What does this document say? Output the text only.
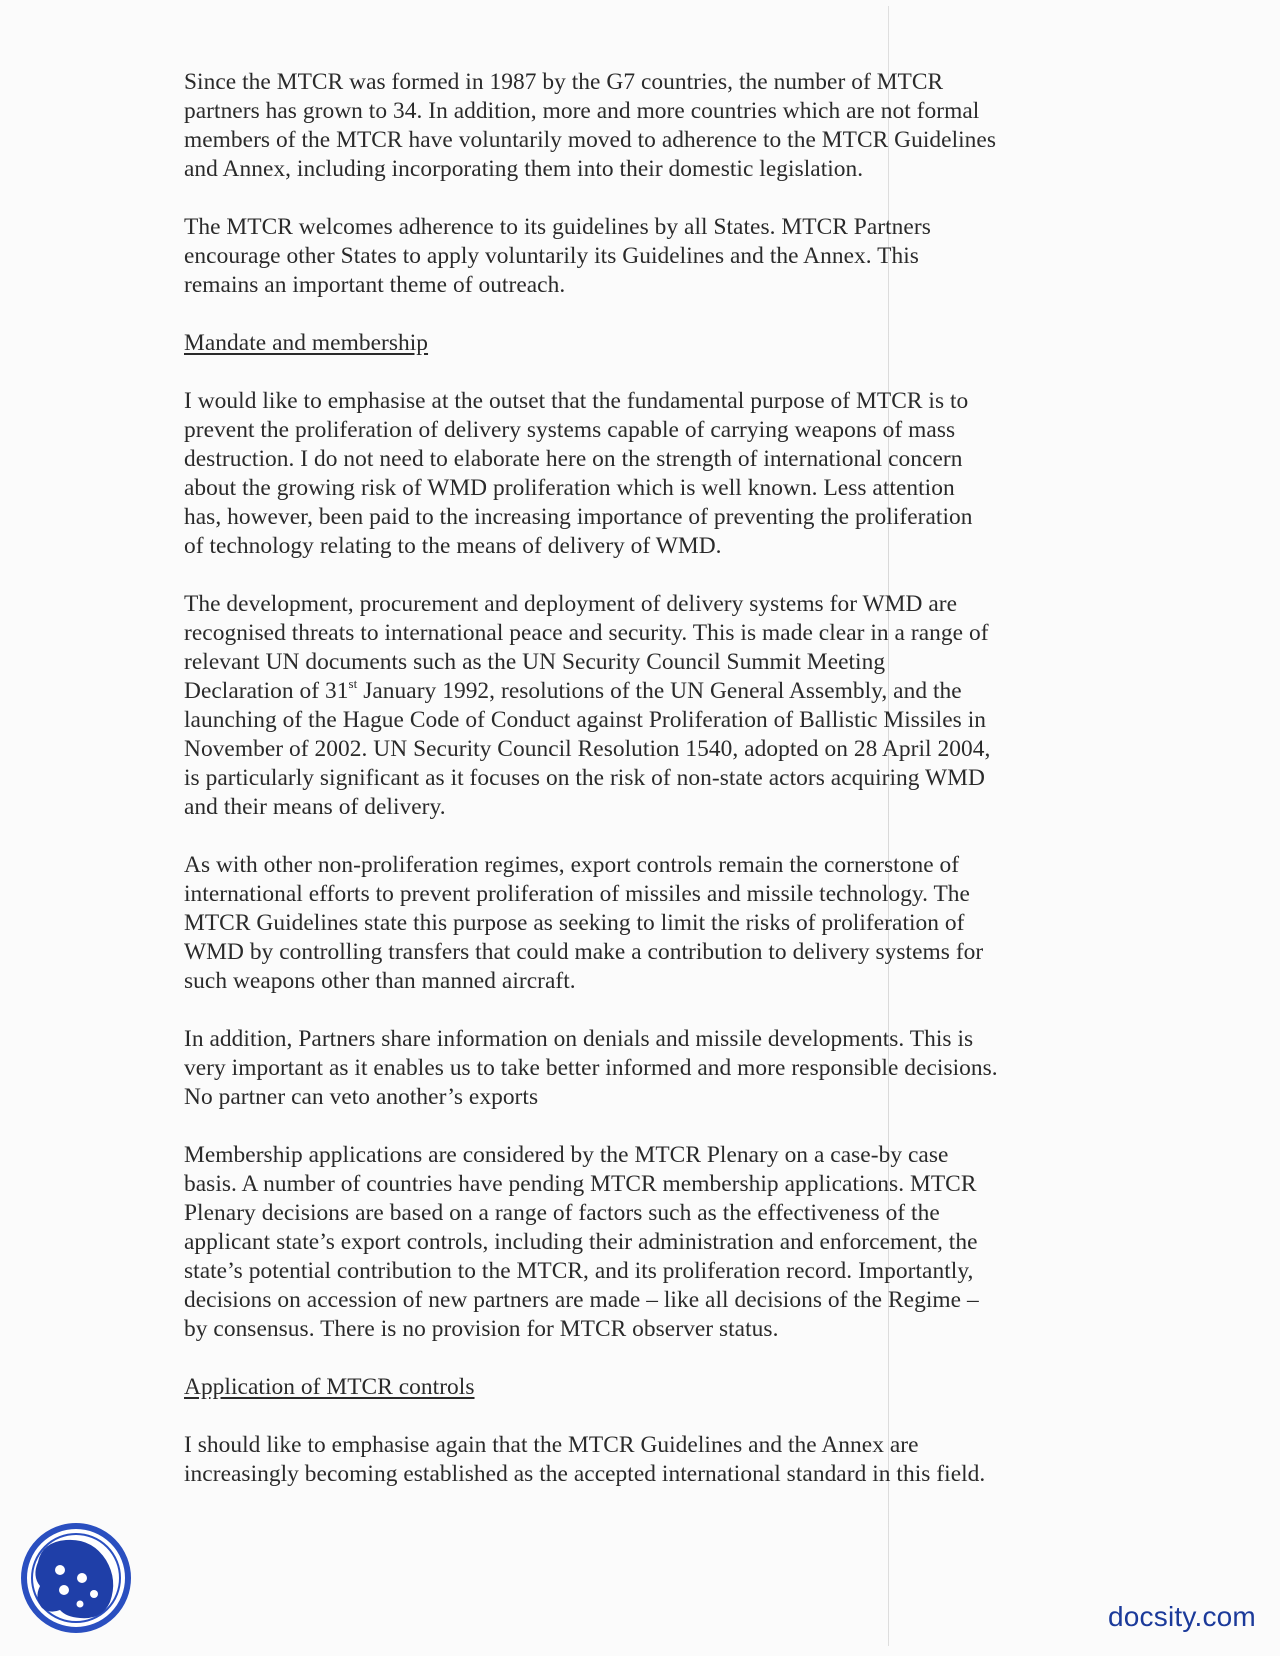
Since the MTCR was formed in 1987 by the G7 countries, the number of MTCR
partners has grown to 34. In addition, more and more countries which are not formal
members of the MTCR have voluntarily moved to adherence to the MTCR Guidelines
and Annex, including incorporating them into their domestic legislation.

The MTCR welcomes adherence to its guidelines by all States. MTCR Partners
encourage other States to apply voluntarily its Guidelines and the Annex. This
remains an important theme of outreach.

Mandate and membership

I would like to emphasise at the outset that the fundamental purpose of MTCR is to
prevent the proliferation of delivery systems capable of carrying weapons of mass
destruction. I do not need to elaborate here on the strength of international concern
about the growing risk of WMD proliferation which is well known. Less attention
has, however, been paid to the increasing importance of preventing the proliferation
of technology relating to the means of delivery of WMD.

The development, procurement and deployment of delivery systems for WMD are
recognised threats to international peace and security. This is made clear in a range of
relevant UN documents such as the UN Security Council Summit Meeting
Declaration of 31st January 1992, resolutions of the UN General Assembly, and the
launching of the Hague Code of Conduct against Proliferation of Ballistic Missiles in
November of 2002. UN Security Council Resolution 1540, adopted on 28 April 2004,
is particularly significant as it focuses on the risk of non-state actors acquiring WMD
and their means of delivery.

As with other non-proliferation regimes, export controls remain the cornerstone of
international efforts to prevent proliferation of missiles and missile technology. The
MTCR Guidelines state this purpose as seeking to limit the risks of proliferation of
WMD by controlling transfers that could make a contribution to delivery systems for
such weapons other than manned aircraft.

In addition, Partners share information on denials and missile developments. This is
very important as it enables us to take better informed and more responsible decisions.
No partner can veto another’s exports

Membership applications are considered by the MTCR Plenary on a case-by case
basis. A number of countries have pending MTCR membership applications. MTCR
Plenary decisions are based on a range of factors such as the effectiveness of the
applicant state’s export controls, including their administration and enforcement, the
state’s potential contribution to the MTCR, and its proliferation record. Importantly,
decisions on accession of new partners are made – like all decisions of the Regime –
by consensus. There is no provision for MTCR observer status.

Application of MTCR controls

I should like to emphasise again that the MTCR Guidelines and the Annex are
increasingly becoming established as the accepted international standard in this field.

docsity.com
